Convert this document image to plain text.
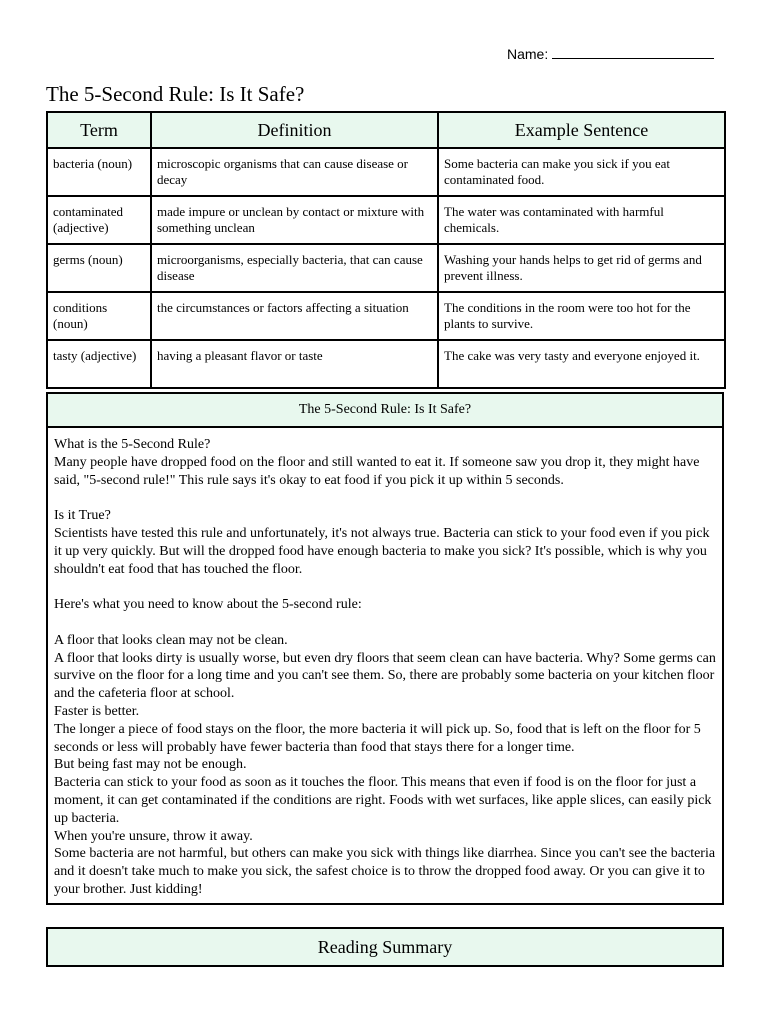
Name:
The 5-Second Rule: Is It Safe?
Term	Definition	Example Sentence
bacteria (noun)	microscopic organisms that can cause disease or decay	Some bacteria can make you sick if you eat contaminated food.
contaminated (adjective)	made impure or unclean by contact or mixture with something unclean	The water was contaminated with harmful chemicals.
germs (noun)	microorganisms, especially bacteria, that can cause disease	Washing your hands helps to get rid of germs and prevent illness.
conditions (noun)	the circumstances or factors affecting a situation	The conditions in the room were too hot for the plants to survive.
tasty (adjective)	having a pleasant flavor or taste	The cake was very tasty and everyone enjoyed it.
The 5-Second Rule: Is It Safe?

What is the 5-Second Rule?

Many people have dropped food on the floor and still wanted to eat it. If someone saw you drop it, they might have said, "5-second rule!" This rule says it's okay to eat food if you pick it up within 5 seconds.

Is it True?

Scientists have tested this rule and unfortunately, it's not always true. Bacteria can stick to your food even if you pick it up very quickly. But will the dropped food have enough bacteria to make you sick? It's possible, which is why you shouldn't eat food that has touched the floor.

Here's what you need to know about the 5-second rule:

A floor that looks clean may not be clean.

A floor that looks dirty is usually worse, but even dry floors that seem clean can have bacteria. Why? Some germs can survive on the floor for a long time and you can't see them. So, there are probably some bacteria on your kitchen floor and the cafeteria floor at school.

Faster is better.

The longer a piece of food stays on the floor, the more bacteria it will pick up. So, food that is left on the floor for 5 seconds or less will probably have fewer bacteria than food that stays there for a longer time.

But being fast may not be enough.

Bacteria can stick to your food as soon as it touches the floor. This means that even if food is on the floor for just a moment, it can get contaminated if the conditions are right. Foods with wet surfaces, like apple slices, can easily pick up bacteria.

When you're unsure, throw it away.

Some bacteria are not harmful, but others can make you sick with things like diarrhea. Since you can't see the bacteria and it doesn't take much to make you sick, the safest choice is to throw the dropped food away. Or you can give it to your brother. Just kidding!

Reading Summary
